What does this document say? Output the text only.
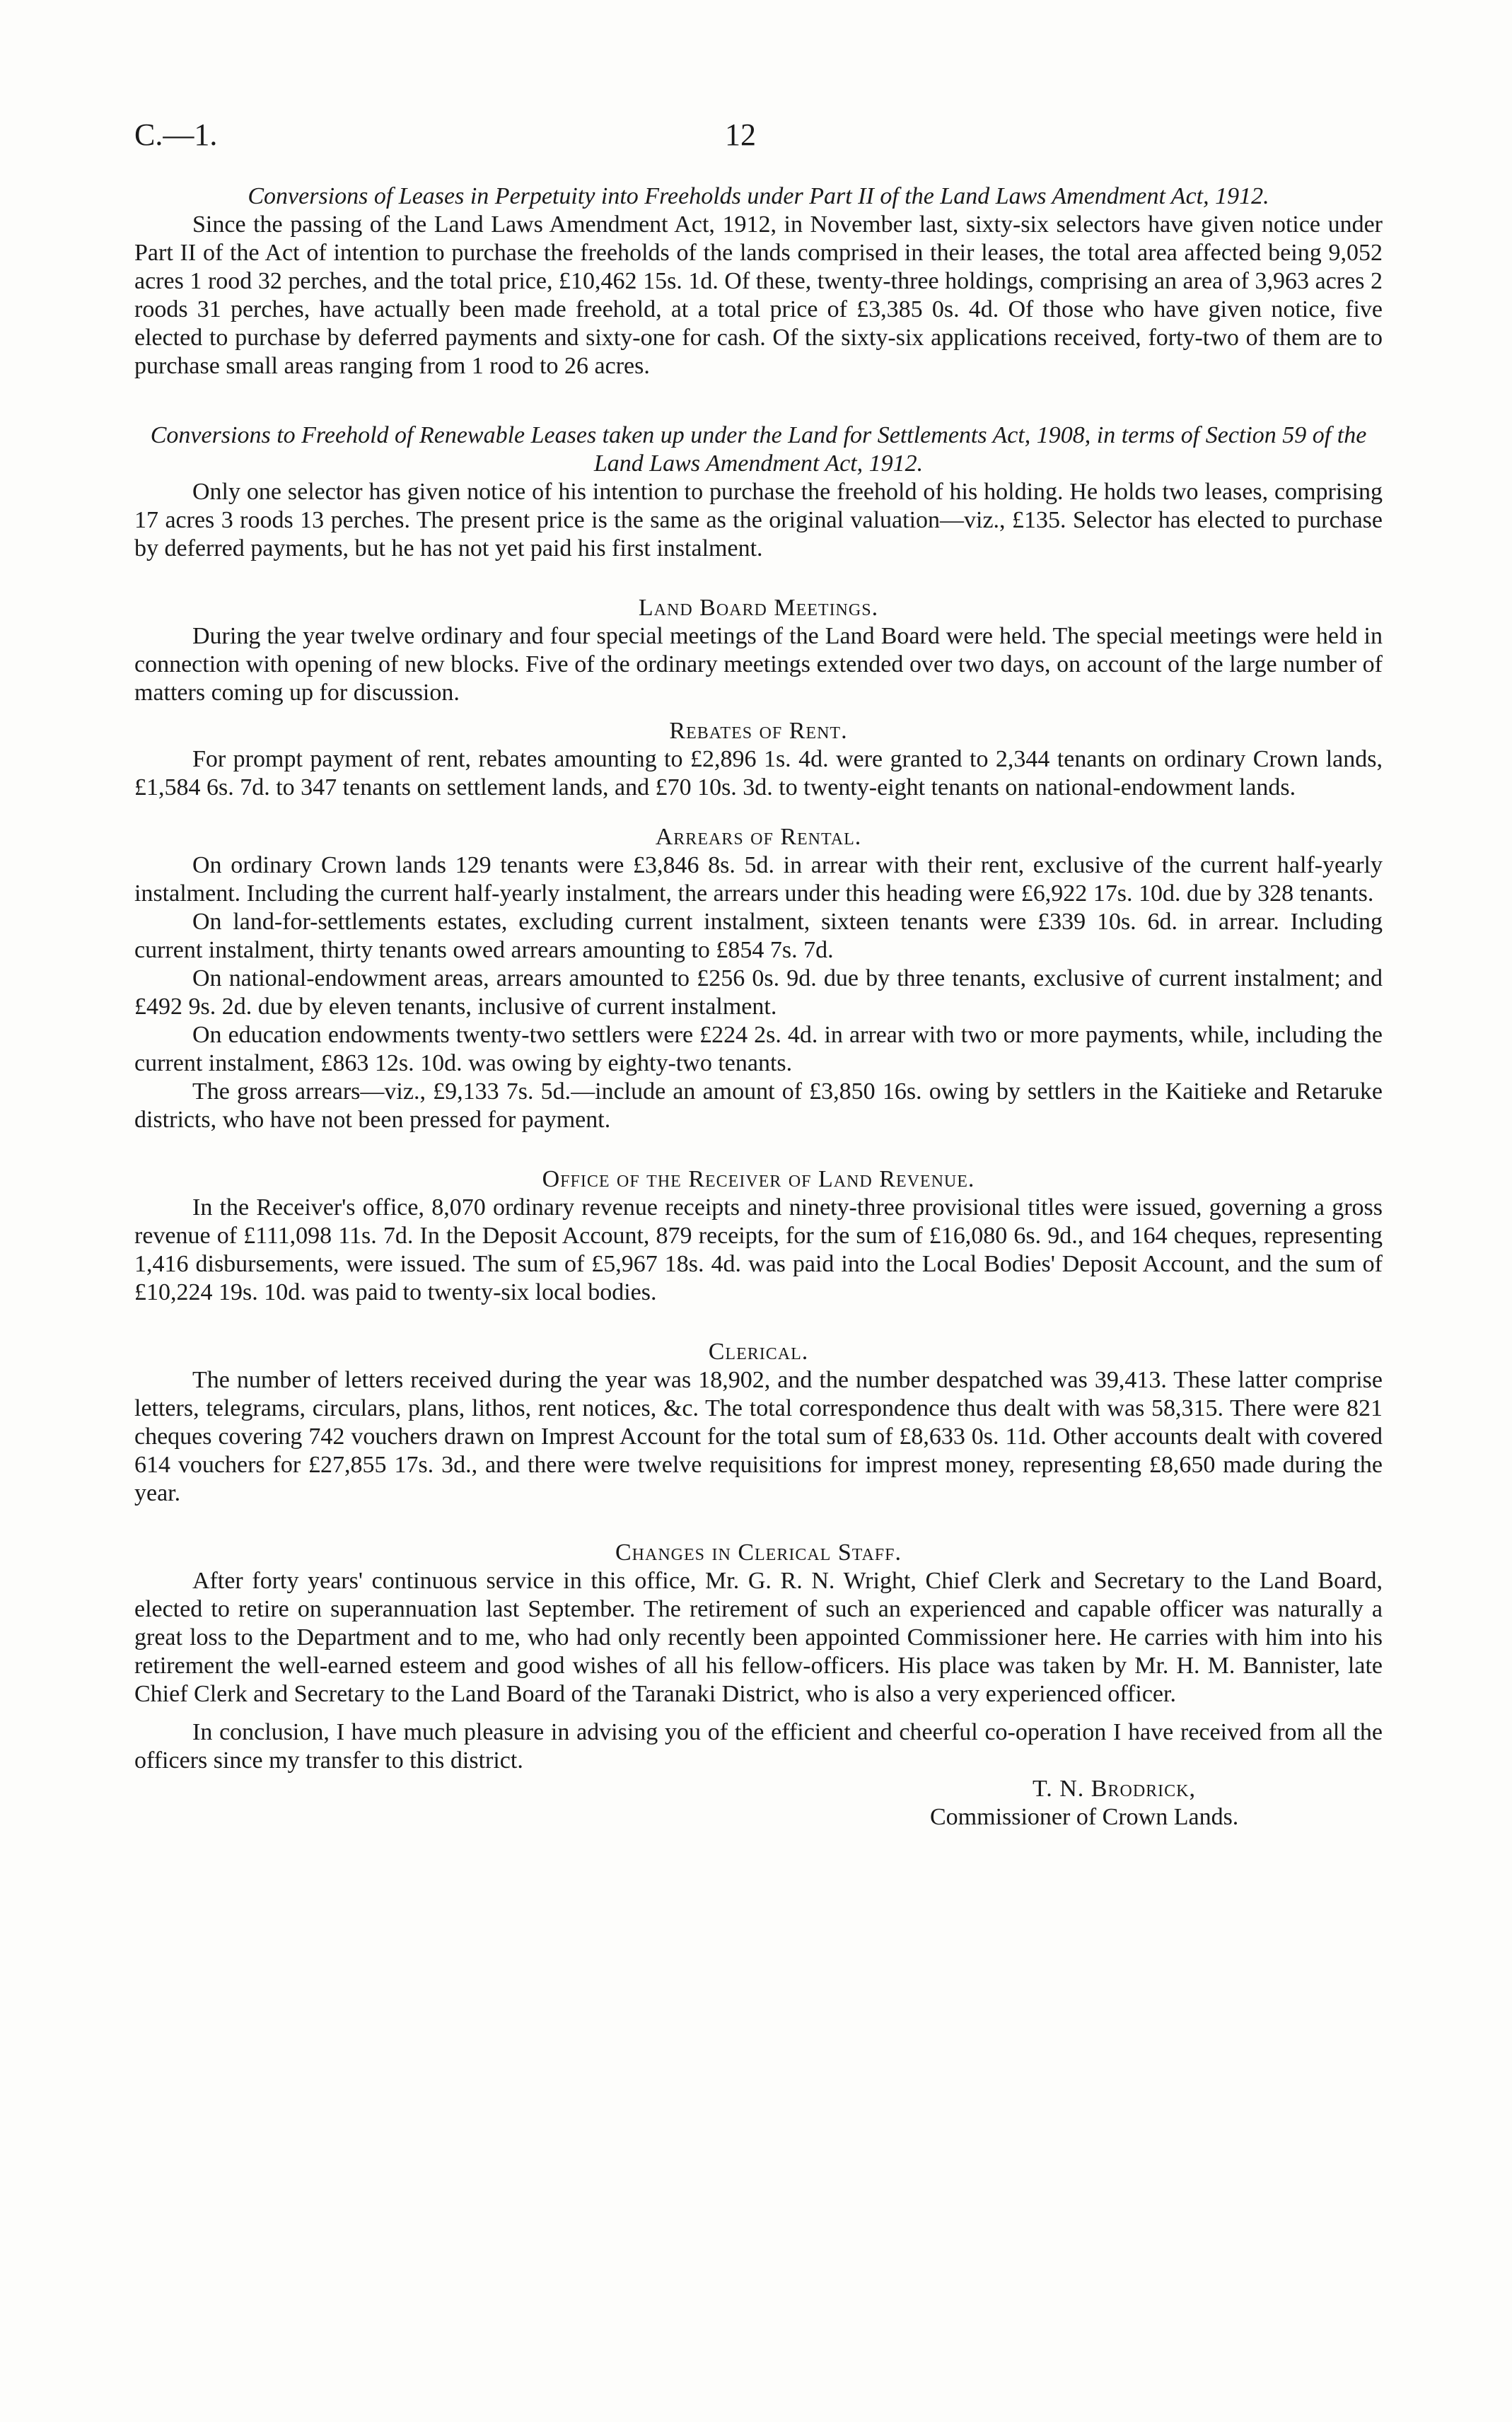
C.—1.	12

Conversions of Leases in Perpetuity into Freeholds under Part II of the Land Laws Amendment Act, 1912.

Since the passing of the Land Laws Amendment Act, 1912, in November last, sixty-six selectors have given notice under Part II of the Act of intention to purchase the freeholds of the lands comprised in their leases, the total area affected being 9,052 acres 1 rood 32 perches, and the total price, £10,462 15s. 1d. Of these, twenty-three holdings, comprising an area of 3,963 acres 2 roods 31 perches, have actually been made freehold, at a total price of £3,385 0s. 4d. Of those who have given notice, five elected to purchase by deferred payments and sixty-one for cash. Of the sixty-six applications received, forty-two of them are to purchase small areas ranging from 1 rood to 26 acres.

Conversions to Freehold of Renewable Leases taken up under the Land for Settlements Act, 1908, in terms of Section 59 of the Land Laws Amendment Act, 1912.

Only one selector has given notice of his intention to purchase the freehold of his holding. He holds two leases, comprising 17 acres 3 roods 13 perches. The present price is the same as the original valuation—viz., £135. Selector has elected to purchase by deferred payments, but he has not yet paid his first instalment.

Land Board Meetings.

During the year twelve ordinary and four special meetings of the Land Board were held. The special meetings were held in connection with opening of new blocks. Five of the ordinary meetings extended over two days, on account of the large number of matters coming up for discussion.

Rebates of Rent.

For prompt payment of rent, rebates amounting to £2,896 1s. 4d. were granted to 2,344 tenants on ordinary Crown lands, £1,584 6s. 7d. to 347 tenants on settlement lands, and £70 10s. 3d. to twenty-eight tenants on national-endowment lands.

Arrears of Rental.

On ordinary Crown lands 129 tenants were £3,846 8s. 5d. in arrear with their rent, exclusive of the current half-yearly instalment. Including the current half-yearly instalment, the arrears under this heading were £6,922 17s. 10d. due by 328 tenants.

On land-for-settlements estates, excluding current instalment, sixteen tenants were £339 10s. 6d. in arrear. Including current instalment, thirty tenants owed arrears amounting to £854 7s. 7d.

On national-endowment areas, arrears amounted to £256 0s. 9d. due by three tenants, exclusive of current instalment; and £492 9s. 2d. due by eleven tenants, inclusive of current instalment.

On education endowments twenty-two settlers were £224 2s. 4d. in arrear with two or more payments, while, including the current instalment, £863 12s. 10d. was owing by eighty-two tenants.

The gross arrears—viz., £9,133 7s. 5d.—include an amount of £3,850 16s. owing by settlers in the Kaitieke and Retaruke districts, who have not been pressed for payment.

Office of the Receiver of Land Revenue.

In the Receiver's office, 8,070 ordinary revenue receipts and ninety-three provisional titles were issued, governing a gross revenue of £111,098 11s. 7d. In the Deposit Account, 879 receipts, for the sum of £16,080 6s. 9d., and 164 cheques, representing 1,416 disbursements, were issued. The sum of £5,967 18s. 4d. was paid into the Local Bodies' Deposit Account, and the sum of £10,224 19s. 10d. was paid to twenty-six local bodies.

Clerical.

The number of letters received during the year was 18,902, and the number despatched was 39,413. These latter comprise letters, telegrams, circulars, plans, lithos, rent notices, &c. The total correspondence thus dealt with was 58,315. There were 821 cheques covering 742 vouchers drawn on Imprest Account for the total sum of £8,633 0s. 11d. Other accounts dealt with covered 614 vouchers for £27,855 17s. 3d., and there were twelve requisitions for imprest money, representing £8,650 made during the year.

Changes in Clerical Staff.

After forty years' continuous service in this office, Mr. G. R. N. Wright, Chief Clerk and Secretary to the Land Board, elected to retire on superannuation last September. The retirement of such an experienced and capable officer was naturally a great loss to the Department and to me, who had only recently been appointed Commissioner here. He carries with him into his retirement the well-earned esteem and good wishes of all his fellow-officers. His place was taken by Mr. H. M. Bannister, late Chief Clerk and Secretary to the Land Board of the Taranaki District, who is also a very experienced officer.

In conclusion, I have much pleasure in advising you of the efficient and cheerful co-operation I have received from all the officers since my transfer to this district.

T. N. Brodrick,
Commissioner of Crown Lands.
